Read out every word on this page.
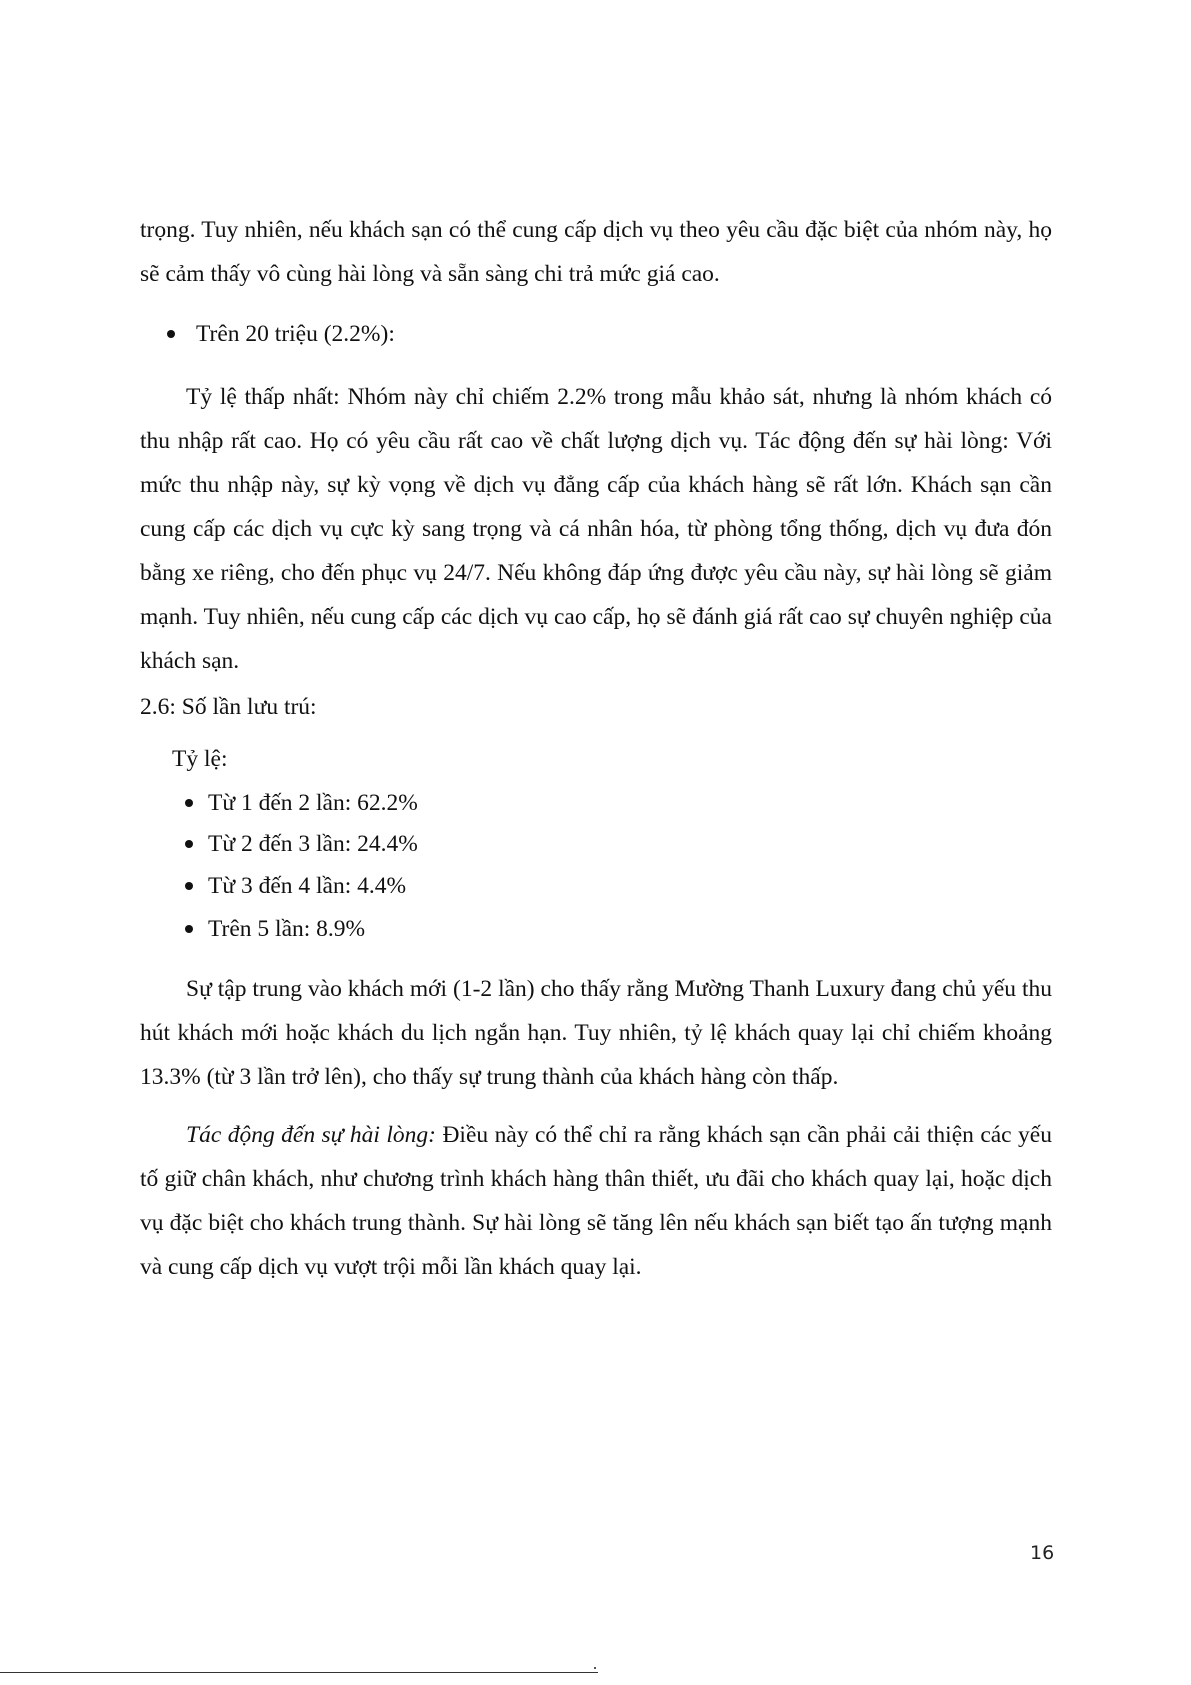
trọng. Tuy nhiên, nếu khách sạn có thể cung cấp dịch vụ theo yêu cầu đặc biệt của nhóm này, họ sẽ cảm thấy vô cùng hài lòng và sẵn sàng chi trả mức giá cao.

Trên 20 triệu (2.2%):

Tỷ lệ thấp nhất: Nhóm này chỉ chiếm 2.2% trong mẫu khảo sát, nhưng là nhóm khách có thu nhập rất cao. Họ có yêu cầu rất cao về chất lượng dịch vụ. Tác động đến sự hài lòng: Với mức thu nhập này, sự kỳ vọng về dịch vụ đẳng cấp của khách hàng sẽ rất lớn. Khách sạn cần cung cấp các dịch vụ cực kỳ sang trọng và cá nhân hóa, từ phòng tổng thống, dịch vụ đưa đón bằng xe riêng, cho đến phục vụ 24/7. Nếu không đáp ứng được yêu cầu này, sự hài lòng sẽ giảm mạnh. Tuy nhiên, nếu cung cấp các dịch vụ cao cấp, họ sẽ đánh giá rất cao sự chuyên nghiệp của khách sạn.

2.6: Số lần lưu trú:
Tỷ lệ:
Từ 1 đến 2 lần: 62.2%
Từ 2 đến 3 lần: 24.4%
Từ 3 đến 4 lần: 4.4%
Trên 5 lần: 8.9%

Sự tập trung vào khách mới (1-2 lần) cho thấy rằng Mường Thanh Luxury đang chủ yếu thu hút khách mới hoặc khách du lịch ngắn hạn. Tuy nhiên, tỷ lệ khách quay lại chỉ chiếm khoảng 13.3% (từ 3 lần trở lên), cho thấy sự trung thành của khách hàng còn thấp.

Tác động đến sự hài lòng: Điều này có thể chỉ ra rằng khách sạn cần phải cải thiện các yếu tố giữ chân khách, như chương trình khách hàng thân thiết, ưu đãi cho khách quay lại, hoặc dịch vụ đặc biệt cho khách trung thành. Sự hài lòng sẽ tăng lên nếu khách sạn biết tạo ấn tượng mạnh và cung cấp dịch vụ vượt trội mỗi lần khách quay lại.

16
